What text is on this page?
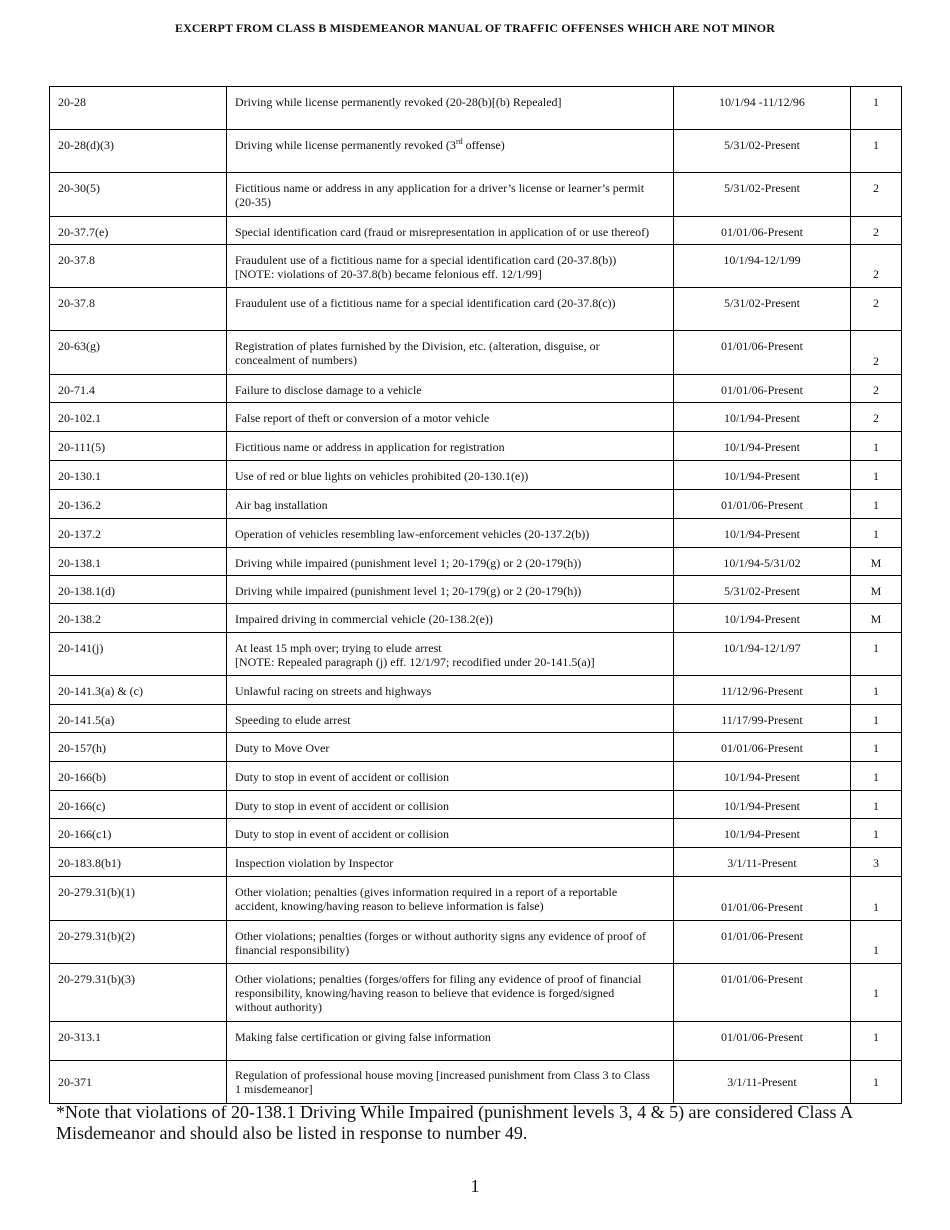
EXCERPT FROM CLASS B MISDEMEANOR MANUAL OF TRAFFIC OFFENSES WHICH ARE NOT MINOR
20-28	Driving while license permanently revoked (20-28(b)[(b) Repealed]	10/1/94 -11/12/96	1
20-28(d)(3)	Driving while license permanently revoked (3rd offense)	5/31/02-Present	1
20-30(5)	Fictitious name or address in any application for a driver’s license or learner’s permit
(20-35)	5/31/02-Present	2
20-37.7(e)	Special identification card (fraud or misrepresentation in application of or use thereof)	01/01/06-Present	2
20-37.8	Fraudulent use of a fictitious name for a special identification card (20-37.8(b))
[NOTE: violations of 20-37.8(b) became felonious eff. 12/1/99]	10/1/94-12/1/99	2
20-37.8	Fraudulent use of a fictitious name for a special identification card (20-37.8(c))	5/31/02-Present	2
20-63(g)	Registration of plates furnished by the Division, etc. (alteration, disguise, or
concealment of numbers)	01/01/06-Present	2
20-71.4	Failure to disclose damage to a vehicle	01/01/06-Present	2
20-102.1	False report of theft or conversion of a motor vehicle	10/1/94-Present	2
20-111(5)	Fictitious name or address in application for registration	10/1/94-Present	1
20-130.1	Use of red or blue lights on vehicles prohibited (20-130.1(e))	10/1/94-Present	1
20-136.2	Air bag installation	01/01/06-Present	1
20-137.2	Operation of vehicles resembling law-enforcement vehicles (20-137.2(b))	10/1/94-Present	1
20-138.1	Driving while impaired (punishment level 1; 20-179(g) or 2 (20-179(h))	10/1/94-5/31/02	M
20-138.1(d)	Driving while impaired (punishment level 1; 20-179(g) or 2 (20-179(h))	5/31/02-Present	M
20-138.2	Impaired driving in commercial vehicle (20-138.2(e))	10/1/94-Present	M
20-141(j)	At least 15 mph over; trying to elude arrest
[NOTE: Repealed paragraph (j) eff. 12/1/97; recodified under 20-141.5(a)]	10/1/94-12/1/97	1
20-141.3(a) & (c)	Unlawful racing on streets and highways	11/12/96-Present	1
20-141.5(a)	Speeding to elude arrest	11/17/99-Present	1
20-157(h)	Duty to Move Over	01/01/06-Present	1
20-166(b)	Duty to stop in event of accident or collision	10/1/94-Present	1
20-166(c)	Duty to stop in event of accident or collision	10/1/94-Present	1
20-166(c1)	Duty to stop in event of accident or collision	10/1/94-Present	1
20-183.8(b1)	Inspection violation by Inspector	3/1/11-Present	3
20-279.31(b)(1)	Other violation; penalties (gives information required in a report of a reportable
accident, knowing/having reason to believe information is false)	01/01/06-Present	1
20-279.31(b)(2)	Other violations; penalties (forges or without authority signs any evidence of proof of
financial responsibility)	01/01/06-Present	1
20-279.31(b)(3)	Other violations; penalties (forges/offers for filing any evidence of proof of financial
responsibility, knowing/having reason to believe that evidence is forged/signed
without authority)	01/01/06-Present	1
20-313.1	Making false certification or giving false information	01/01/06-Present	1
20-371	Regulation of professional house moving [increased punishment from Class 3 to Class
1 misdemeanor]	3/1/11-Present	1
*Note that violations of 20-138.1 Driving While Impaired (punishment levels 3, 4 & 5) are considered Class A Misdemeanor and should also be listed in response to number 49.
1
